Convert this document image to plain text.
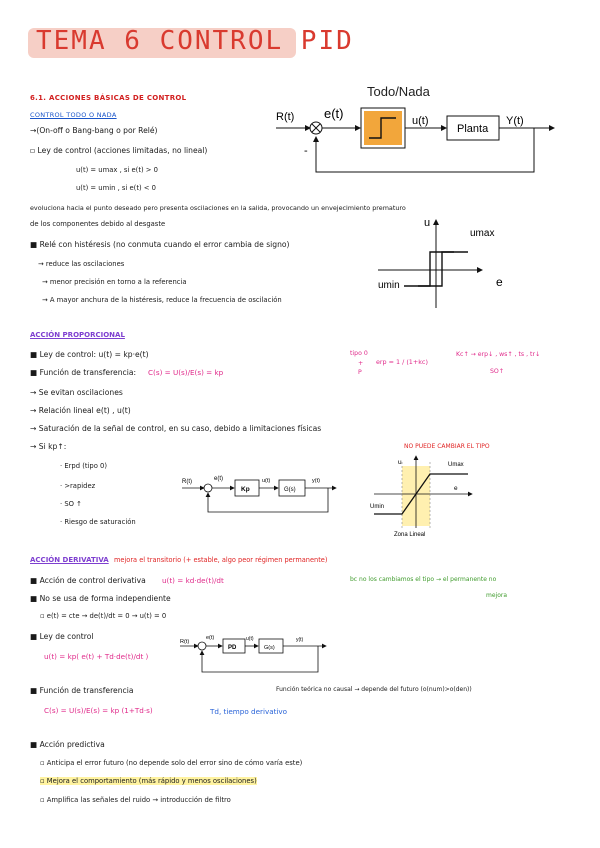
TEMA 6 CONTROL PID
6.1. ACCIONES BÁSICAS DE CONTROL
CONTROL TODO O NADA
→(On-off o Bang-bang o por Relé)
▫ Ley de control (acciones limitadas, no lineal)
u(t) = umax , si e(t) > 0
u(t) = umin , si e(t) < 0
evoluciona hacia el punto deseado pero presenta oscilaciones en la salida, provocando un envejecimiento prematuro
de los componentes debido al desgaste
■ Relé con histéresis (no conmuta cuando el error cambia de signo)
→ reduce las oscilaciones
→ menor precisión en torno a la referencia
→ A mayor anchura de la histéresis, reduce la frecuencia de oscilación
Todo/Nada
R(t) e(t)	u(t)
Planta
Y(t)
-
u
umax
umin	e
ACCIÓN PROPORCIONAL
■ Ley de control: u(t) = kp·e(t)
■ Función de transferencia: C(s) = U(s)/E(s) = kp
→ Se evitan oscilaciones
→ Relación lineal e(t) , u(t)
→ Saturación de la señal de control, en su caso, debido a limitaciones físicas
→ Si kp↑:
· Erpd (tipo 0)
· >rapidez
· SO ↑
· Riesgo de saturación
tipo 0
+
P
erp = 1 / (1+kc)
Kc↑ → erp↓ , ws↑ , ts , tr↓
SO↑
NO PUEDE CAMBIAR EL TIPO
R(t)	e(t)
Kp
u(t)
G(s)
y(t)
u	Umax
Umin
e
Zona Lineal
ACCIÓN DERIVATIVA mejora el transitorio (+ estable, algo peor régimen permanente)
■ Acción de control derivativa u(t) = kd·de(t)/dt	bc no los cambiamos el tipo → el permanente no
mejora
■ No se usa de forma independiente
▫ e(t) = cte → de(t)/dt = 0 → u(t) = 0
■ Ley de control
u(t) = kp( e(t) + Td·de(t)/dt )
R(t)
e(t)
PD
u(t)
G(s)
y(t)
■ Función de transferencia	Función teórica no causal → depende del futuro (o(num)>o(den))
C(s) = U(s)/E(s) = kp (1+Td·s)	Td, tiempo derivativo
■ Acción predictiva
▫ Anticipa el error futuro (no depende solo del error sino de cómo varía este)
▫ Mejora el comportamiento (más rápido y menos oscilaciones)
▫ Amplifica las señales del ruido → introducción de filtro
